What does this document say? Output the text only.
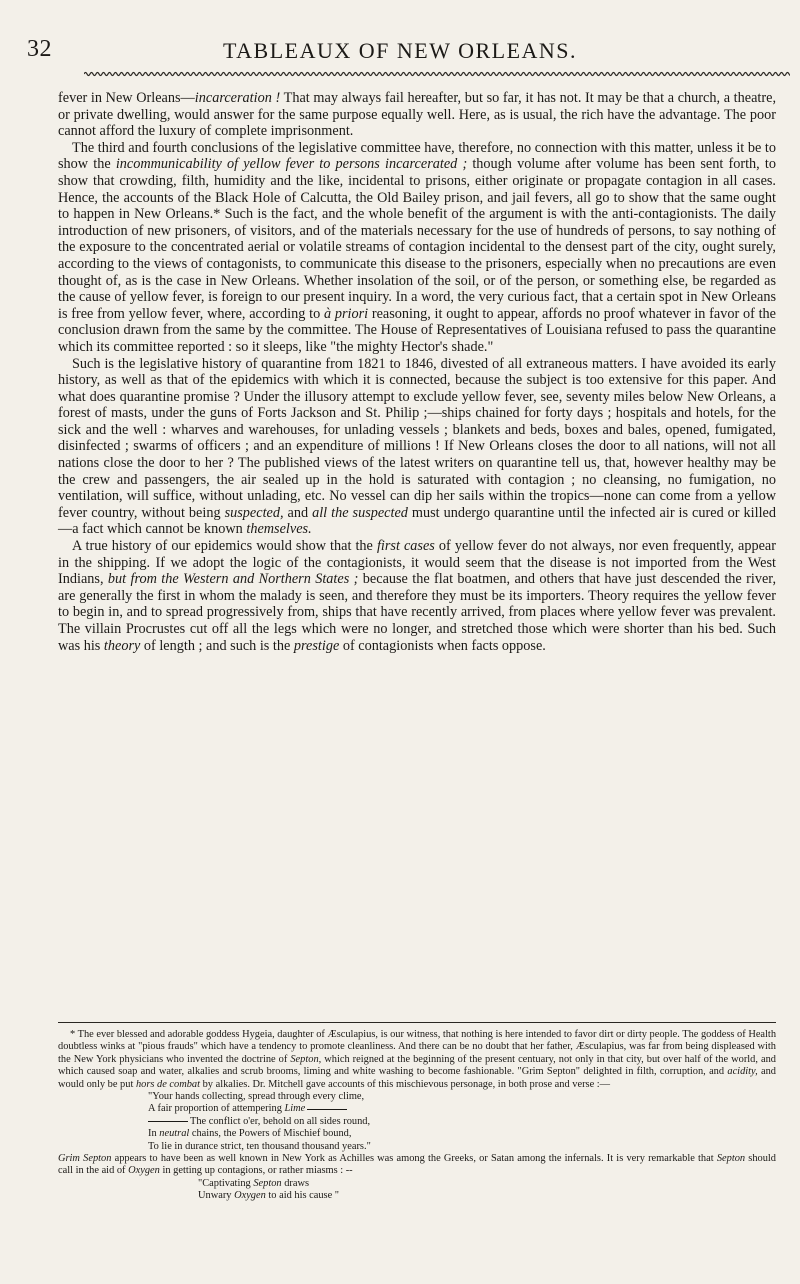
32	TABLEAUX OF NEW ORLEANS.

fever in New Orleans—incarceration ! That may always fail hereafter, but so far, it has not. It may be that a church, a theatre, or private dwelling, would answer for the same purpose equally well. Here, as is usual, the rich have the advantage. The poor cannot afford the luxury of complete imprisonment.

The third and fourth conclusions of the legislative committee have, therefore, no connection with this matter, unless it be to show the incommunicability of yellow fever to persons incarcerated ; though volume after volume has been sent forth, to show that crowding, filth, humidity and the like, incidental to prisons, either originate or propagate contagion in all cases. Hence, the accounts of the Black Hole of Calcutta, the Old Bailey prison, and jail fevers, all go to show that the same ought to happen in New Orleans.* Such is the fact, and the whole benefit of the argument is with the anti-contagionists. The daily introduction of new prisoners, of visitors, and of the materials necessary for the use of hundreds of persons, to say nothing of the exposure to the concentrated aerial or volatile streams of contagion incidental to the densest part of the city, ought surely, according to the views of contagonists, to communicate this disease to the prisoners, especially when no precautions are even thought of, as is the case in New Orleans. Whether insolation of the soil, or of the person, or something else, be regarded as the cause of yellow fever, is foreign to our present inquiry. In a word, the very curious fact, that a certain spot in New Orleans is free from yellow fever, where, according to à priori reasoning, it ought to appear, affords no proof whatever in favor of the conclusion drawn from the same by the committee. The House of Representatives of Louisiana refused to pass the quarantine which its committee reported : so it sleeps, like "the mighty Hector's shade."

Such is the legislative history of quarantine from 1821 to 1846, divested of all extraneous matters. I have avoided its early history, as well as that of the epidemics with which it is connected, because the subject is too extensive for this paper. And what does quarantine promise ? Under the illusory attempt to exclude yellow fever, see, seventy miles below New Orleans, a forest of masts, under the guns of Forts Jackson and St. Philip ;—ships chained for forty days ; hospitals and hotels, for the sick and the well : wharves and warehouses, for unlading vessels ; blankets and beds, boxes and bales, opened, fumigated, disinfected ; swarms of officers ; and an expenditure of millions ! If New Orleans closes the door to all nations, will not all nations close the door to her ? The published views of the latest writers on quarantine tell us, that, however healthy may be the crew and passengers, the air sealed up in the hold is saturated with contagion ; no cleansing, no fumigation, no ventilation, will suffice, without unlading, etc. No vessel can dip her sails within the tropics—none can come from a yellow fever country, without being suspected, and all the suspected must undergo quarantine until the infected air is cured or killed—a fact which cannot be known themselves.

A true history of our epidemics would show that the first cases of yellow fever do not always, nor even frequently, appear in the shipping. If we adopt the logic of the contagionists, it would seem that the disease is not imported from the West Indians, but from the Western and Northern States ; because the flat boatmen, and others that have just descended the river, are generally the first in whom the malady is seen, and therefore they must be its importers. Theory requires the yellow fever to begin in, and to spread progressively from, ships that have recently arrived, from places where yellow fever was prevalent. The villain Procrustes cut off all the legs which were no longer, and stretched those which were shorter than his bed. Such was his theory of length ; and such is the prestige of contagionists when facts oppose.

* The ever blessed and adorable goddess Hygeia, daughter of Æsculapius, is our witness, that nothing is here intended to favor dirt or dirty people. The goddess of Health doubtless winks at "pious frauds" which have a tendency to promote cleanliness. And there can be no doubt that her father, Æsculapius, was far from being displeased with the New York physicians who invented the doctrine of Septon, which reigned at the beginning of the present centuary, not only in that city, but over half of the world, and which caused soap and water, alkalies and scrub brooms, liming and white washing to become fashionable. "Grim Septon" delighted in filth, corruption, and acidity, and would only be put hors de combat by alkalies. Dr. Mitchell gave accounts of this mischievous personage, in both prose and verse :—

"Your hands collecting, spread through every clime,
A fair proportion of attempering Lime
The conflict o'er, behold on all sides round,
In neutral chains, the Powers of Mischief bound,
To lie in durance strict, ten thousand thousand years."

Grim Septon appears to have been as well known in New York as Achilles was among the Greeks, or Satan among the infernals. It is very remarkable that Septon should call in the aid of Oxygen in getting up contagions, or rather miasms : --

"Captivating Septon draws
Unwary Oxygen to aid his cause "
